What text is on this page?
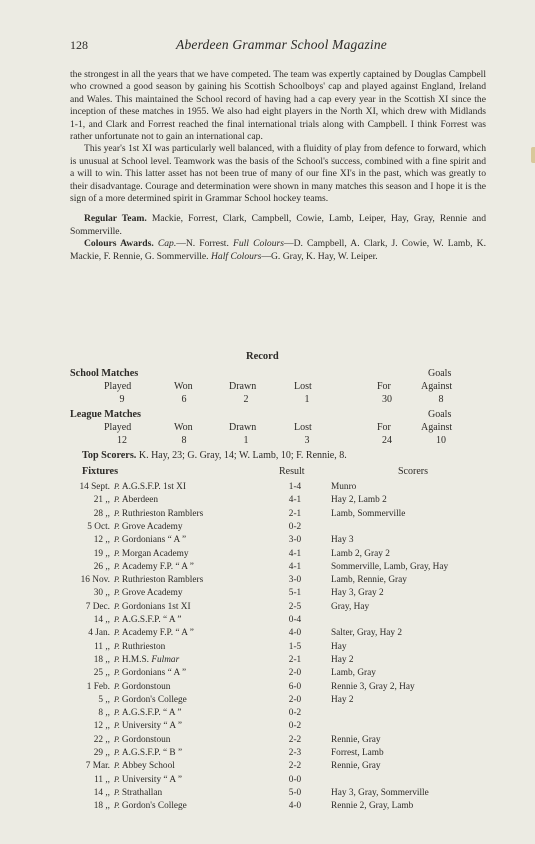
128	Aberdeen Grammar School Magazine

the strongest in all the years that we have competed. The team was expertly captained by Douglas Campbell who crowned a good season by gaining his Scottish Schoolboys' cap and played against England, Ireland and Wales. This maintained the School record of having had a cap every year in the Scottish XI since the inception of these matches in 1955. We also had eight players in the North XI, which drew with Midlands 1-1, and Clark and Forrest reached the final international trials along with Campbell. I think Forrest was rather unfortunate not to gain an international cap.

This year's 1st XI was particularly well balanced, with a fluidity of play from defence to forward, which is unusual at School level. Teamwork was the basis of the School's success, combined with a fine spirit and a will to win. This latter asset has not been true of many of our fine XI's in the past, which was greatly to their disadvantage. Courage and determination were shown in many matches this season and I hope it is the sign of a more determined spirit in Grammar School hockey teams.

Regular Team. Mackie, Forrest, Clark, Campbell, Cowie, Lamb, Leiper, Hay, Gray, Rennie and Sommerville.

Colours Awards. Cap.—N. Forrest. Full Colours—D. Campbell, A. Clark, J. Cowie, W. Lamb, K. Mackie, F. Rennie, G. Sommerville. Half Colours—G. Gray, K. Hay, W. Leiper.

Record
School Matches	Goals
Played	Won	Drawn	Lost	For	Against
9	6	2	1	30	8
League Matches	Goals
Played	Won	Drawn	Lost	For	Against
12	8	1	3	24	10
Top Scorers. K. Hay, 23; G. Gray, 14; W. Lamb, 10; F. Rennie, 8.
Fixtures	Result	Scorers
14 Sept. P. A.G.S.F.P. 1st XI	1-4	Munro
21 ,, P. Aberdeen	4-1	Hay 2, Lamb 2
28 ,, P. Ruthrieston Ramblers	2-1	Lamb, Sommerville
5 Oct. P. Grove Academy	0-2
12 ,, P. Gordonians “ A ”	3-0	Hay 3
19 ,, P. Morgan Academy	4-1	Lamb 2, Gray 2
26 ,, P. Academy F.P. “ A ”	4-1	Sommerville, Lamb, Gray, Hay
16 Nov. P. Ruthrieston Ramblers	3-0	Lamb, Rennie, Gray
30 ,, P. Grove Academy	5-1	Hay 3, Gray 2
7 Dec. P. Gordonians 1st XI	2-5	Gray, Hay
14 ,, P. A.G.S.F.P. “ A ”	0-4
4 Jan. P. Academy F.P. “ A ”	4-0	Salter, Gray, Hay 2
11 ,, P. Ruthrieston	1-5	Hay
18 ,, P. H.M.S. Fulmar	2-1	Hay 2
25 ,, P. Gordonians “ A ”	2-0	Lamb, Gray
1 Feb. P. Gordonstoun	6-0	Rennie 3, Gray 2, Hay
5 ,, P. Gordon's College	2-0	Hay 2
8 ,, P. A.G.S.F.P. “ A ”	0-2
12 ,, P. University “ A ”	0-2
22 ,, P. Gordonstoun	2-2	Rennie, Gray
29 ,, P. A.G.S.F.P. “ B ”	2-3	Forrest, Lamb
7 Mar. P. Abbey School	2-2	Rennie, Gray
11 ,, P. University “ A ”	0-0
14 ,, P. Strathallan	5-0	Hay 3, Gray, Sommerville
18 ,, P. Gordon's College	4-0	Rennie 2, Gray, Lamb
